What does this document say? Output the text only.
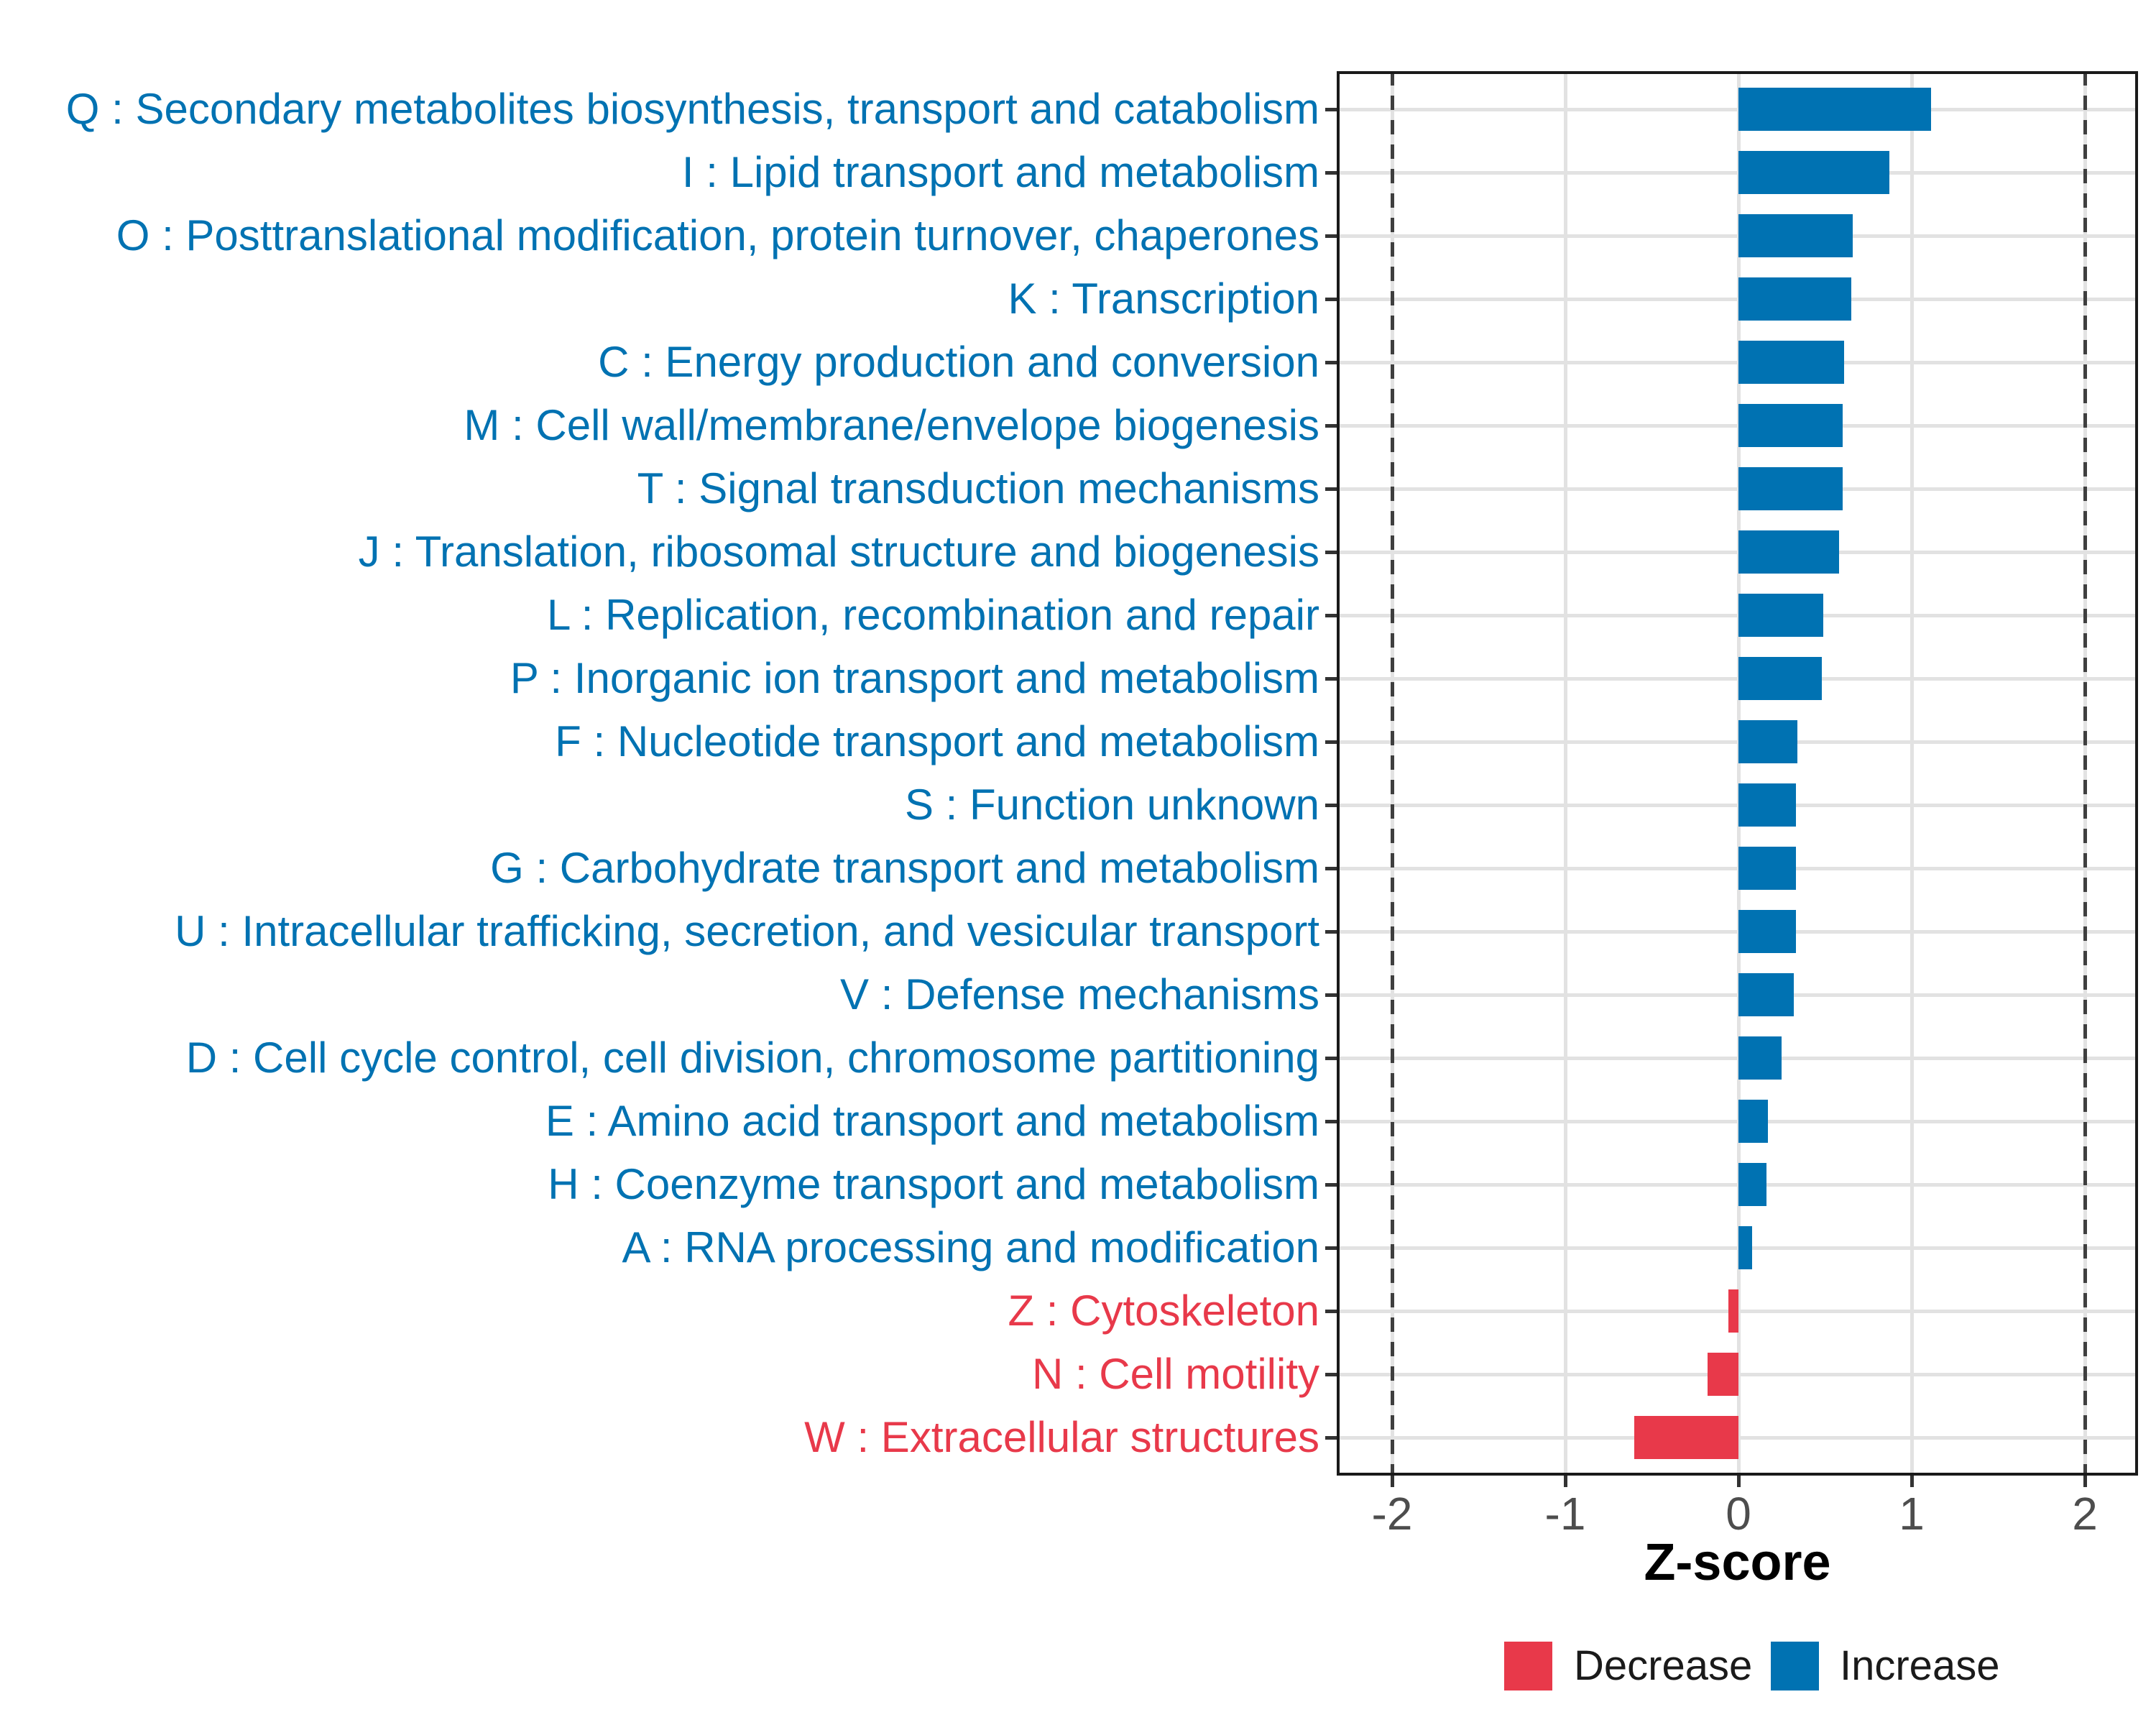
Q : Secondary metabolites biosynthesis, transport and catabolism
I : Lipid transport and metabolism
O : Posttranslational modification, protein turnover, chaperones
K : Transcription
C : Energy production and conversion
M : Cell wall/membrane/envelope biogenesis
T : Signal transduction mechanisms
J : Translation, ribosomal structure and biogenesis
L : Replication, recombination and repair
P : Inorganic ion transport and metabolism
F : Nucleotide transport and metabolism
S : Function unknown
G : Carbohydrate transport and metabolism
U : Intracellular trafficking, secretion, and vesicular transport
V : Defense mechanisms
D : Cell cycle control, cell division, chromosome partitioning
E : Amino acid transport and metabolism
H : Coenzyme transport and metabolism
A : RNA processing and modification
Z : Cytoskeleton
N : Cell motility
W : Extracellular structures
-2	-1	0	1	2
Z-score
Decrease Increase
